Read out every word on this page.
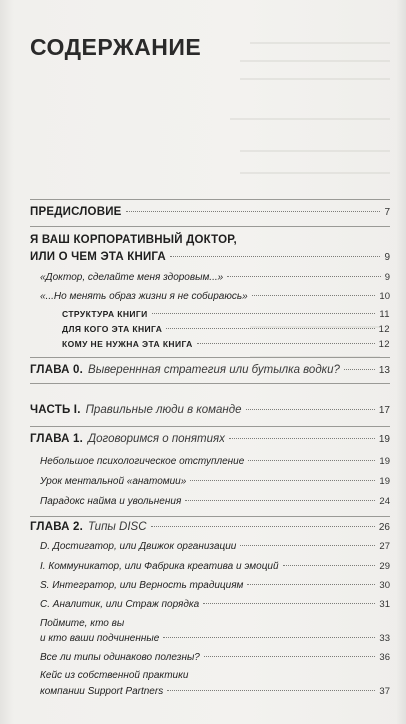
СОДЕРЖАНИЕ
ПРЕДИСЛОВИЕ	7
Я ВАШ КОРПОРАТИВНЫЙ ДОКТОР,
ИЛИ О ЧЕМ ЭТА КНИГА	9
«Доктор, сделайте меня здоровым...»	9
«...Но менять образ жизни я не собираюсь»	10
СТРУКТУРА КНИГИ	11
ДЛЯ КОГО ЭТА КНИГА	12
КОМУ НЕ НУЖНА ЭТА КНИГА	12
ГЛАВА 0. Вывереннная стратегия или бутылка водки?	13
ЧАСТЬ I. Правильные люди в команде	17
ГЛАВА 1. Договоримся о понятиях	19
Небольшое психологическое отступление	19
Урок ментальной «анатомии»	19
Парадокс найма и увольнения	24
ГЛАВА 2. Типы DISC	26
D. Достигатор, или Движок организации	27
I. Коммуникатор, или Фабрика креатива и эмоций	29
S. Интегратор, или Верность традициям	30
C. Аналитик, или Страж порядка	31
Поймите, кто вы
и кто ваши подчиненные	33
Все ли типы одинаково полезны?	36
Кейс из собственной практики
компании Support Partners	37
